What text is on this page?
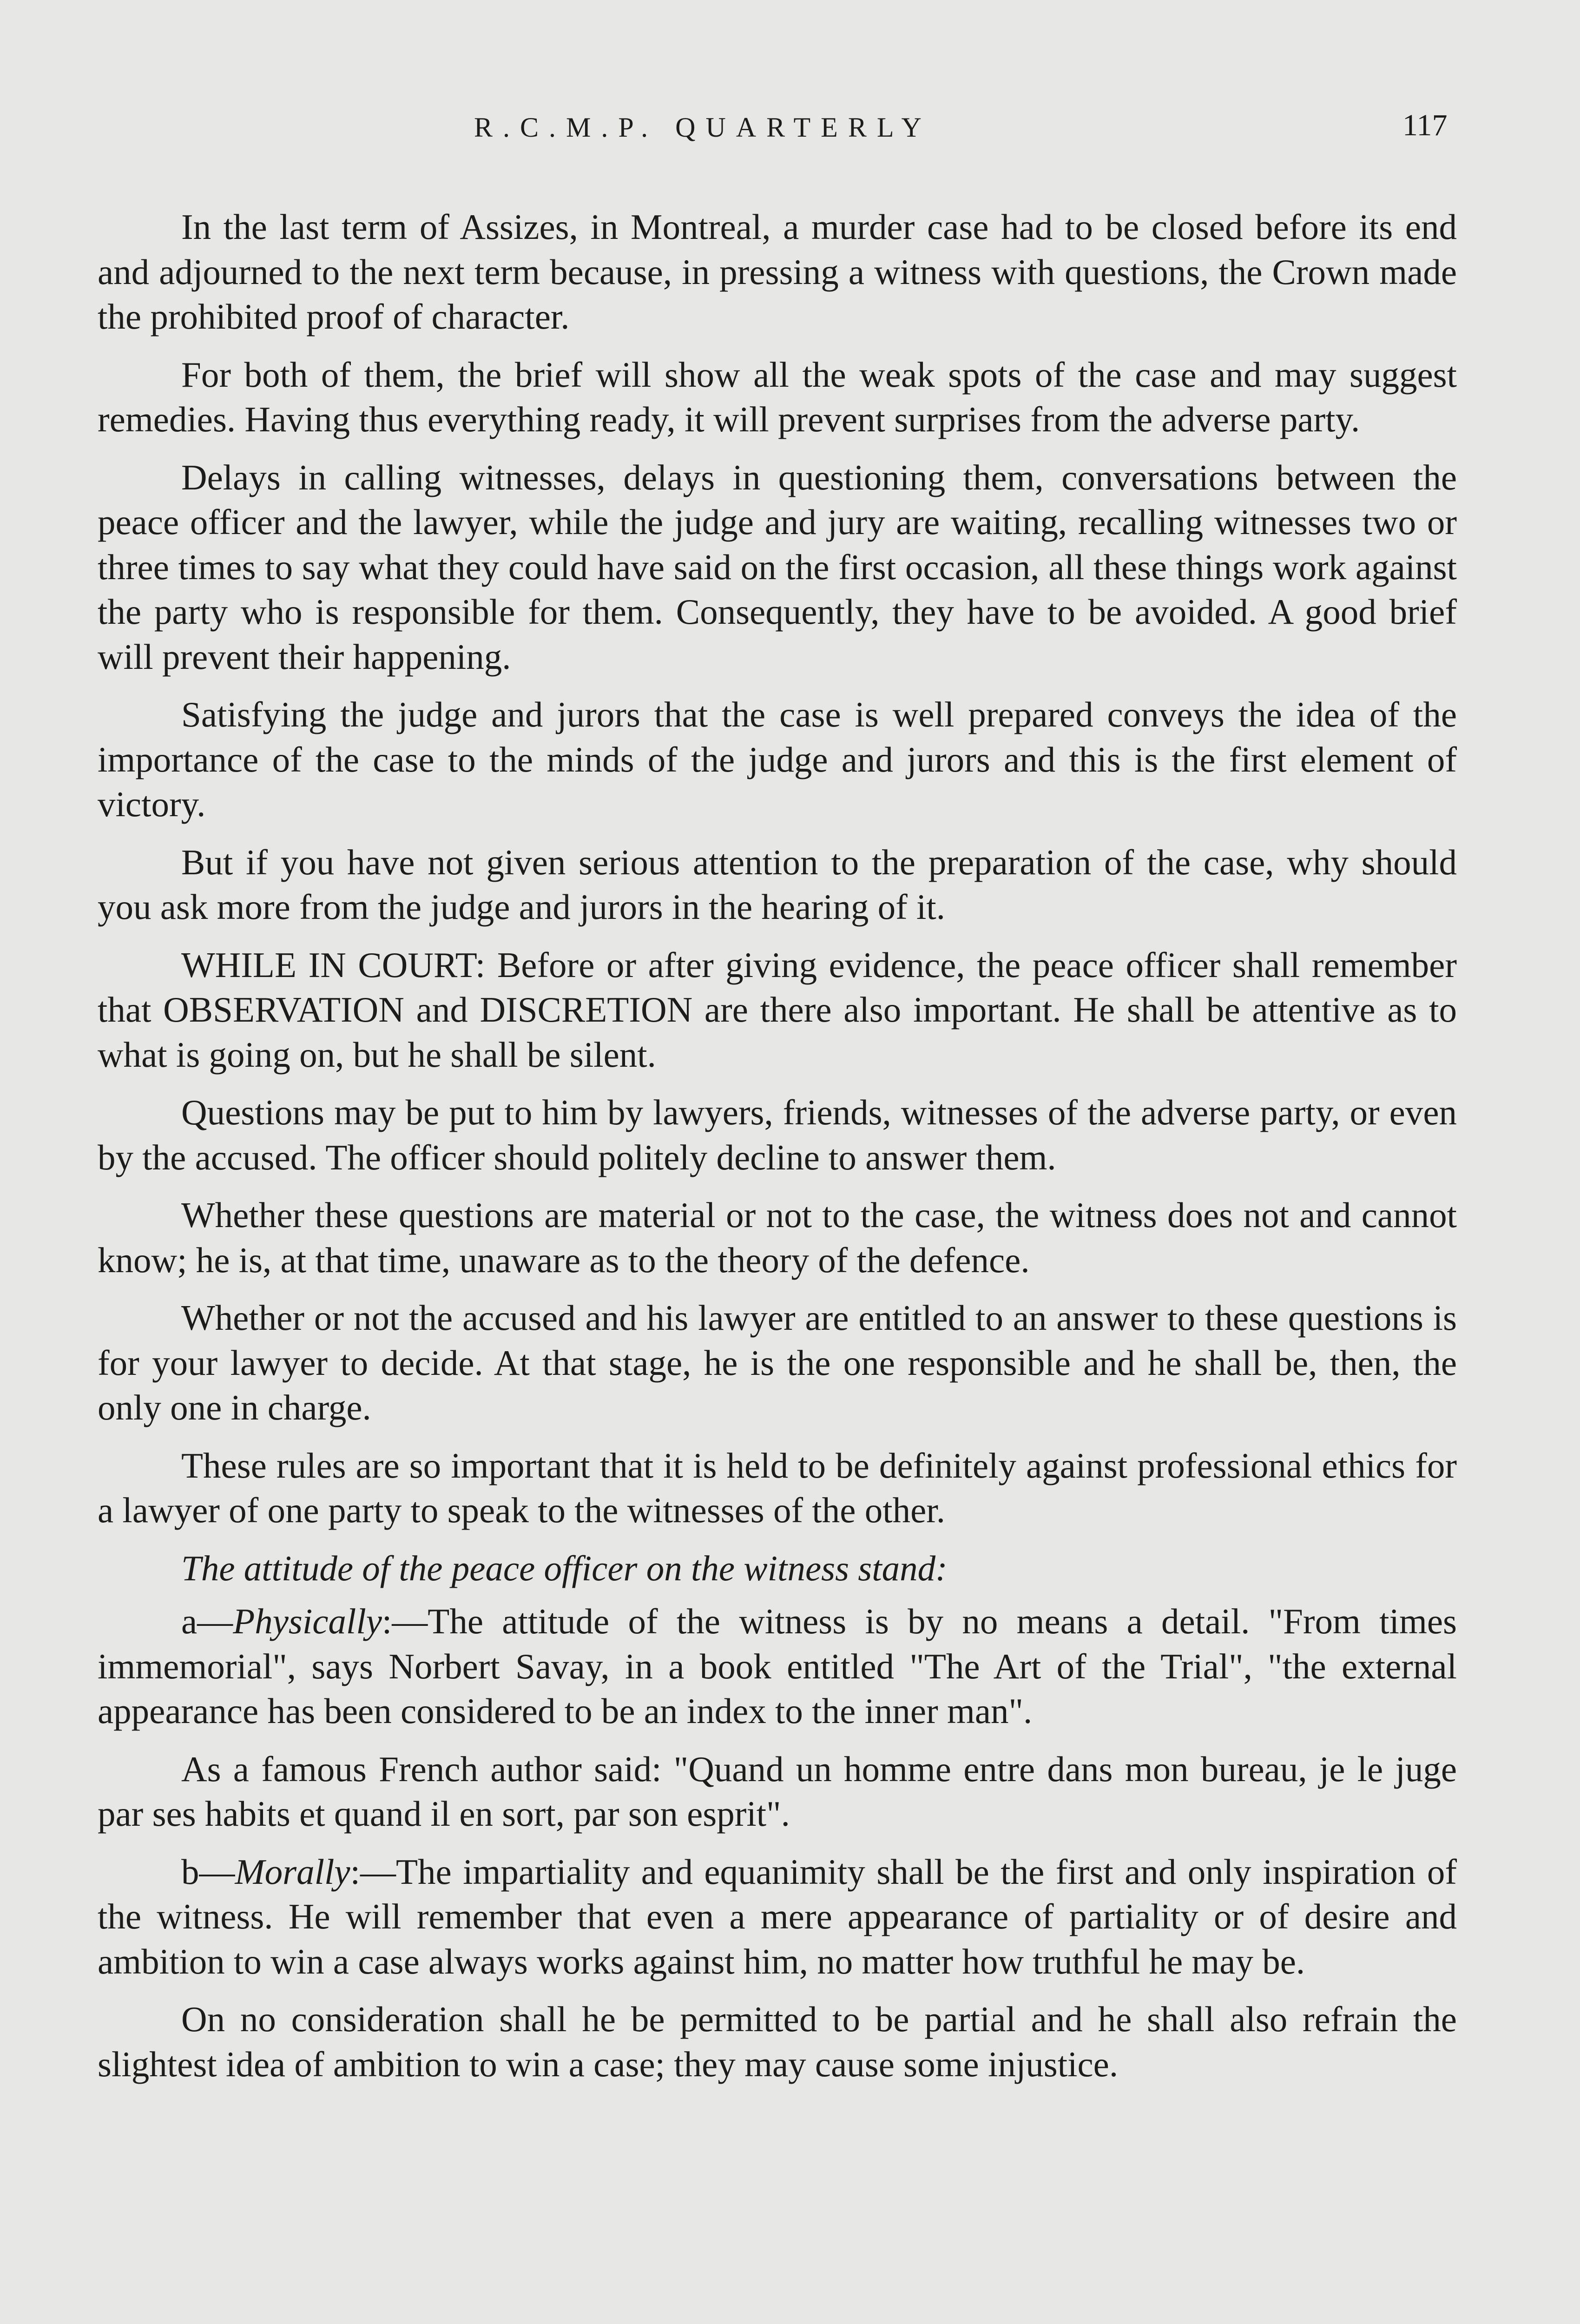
R.C.M.P. QUARTERLY	117

In the last term of Assizes, in Montreal, a murder case had to be closed before its end and adjourned to the next term because, in pressing a witness with questions, the Crown made the prohibited proof of character.

For both of them, the brief will show all the weak spots of the case and may suggest remedies. Having thus everything ready, it will prevent surprises from the adverse party.

Delays in calling witnesses, delays in questioning them, conversations between the peace officer and the lawyer, while the judge and jury are waiting, recalling witnesses two or three times to say what they could have said on the first occasion, all these things work against the party who is responsible for them. Consequently, they have to be avoided. A good brief will prevent their happening.

Satisfying the judge and jurors that the case is well prepared conveys the idea of the importance of the case to the minds of the judge and jurors and this is the first element of victory.

But if you have not given serious attention to the preparation of the case, why should you ask more from the judge and jurors in the hearing of it.

WHILE IN COURT: Before or after giving evidence, the peace officer shall remember that OBSERVATION and DISCRETION are there also important. He shall be attentive as to what is going on, but he shall be silent.

Questions may be put to him by lawyers, friends, witnesses of the adverse party, or even by the accused. The officer should politely decline to answer them.

Whether these questions are material or not to the case, the witness does not and cannot know; he is, at that time, unaware as to the theory of the defence.

Whether or not the accused and his lawyer are entitled to an answer to these questions is for your lawyer to decide. At that stage, he is the one responsible and he shall be, then, the only one in charge.

These rules are so important that it is held to be definitely against professional ethics for a lawyer of one party to speak to the witnesses of the other.

The attitude of the peace officer on the witness stand:

a—Physically:—The attitude of the witness is by no means a detail. "From times immemorial", says Norbert Savay, in a book entitled "The Art of the Trial", "the external appearance has been considered to be an index to the inner man".

As a famous French author said: "Quand un homme entre dans mon bureau, je le juge par ses habits et quand il en sort, par son esprit".

b—Morally:—The impartiality and equanimity shall be the first and only inspiration of the witness. He will remember that even a mere appearance of partiality or of desire and ambition to win a case always works against him, no matter how truthful he may be.

On no consideration shall he be permitted to be partial and he shall also refrain the slightest idea of ambition to win a case; they may cause some injustice.
